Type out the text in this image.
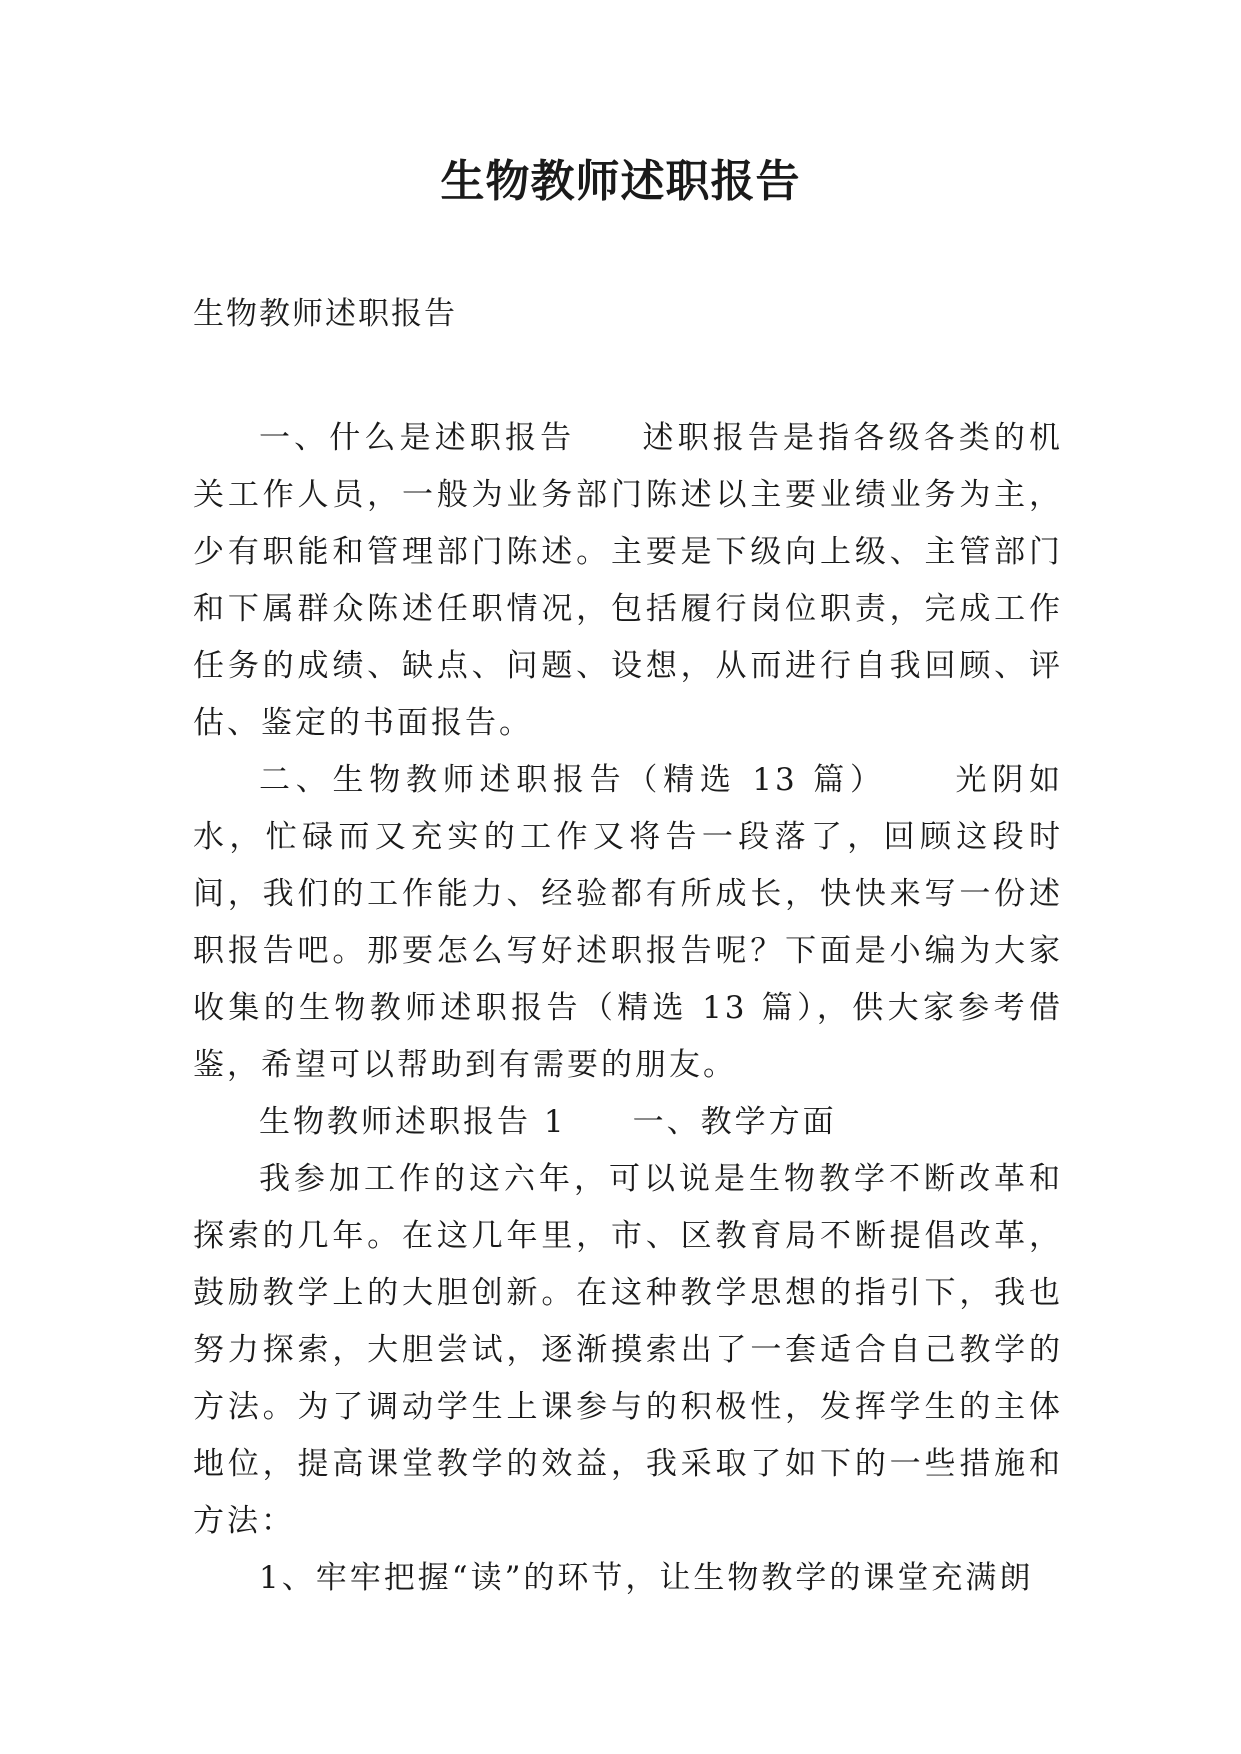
生物教师述职报告
生物教师述职报告

一、什么是述职报告 述职报告是指各级各类的机关工作人员，一般为业务部门陈述以主要业绩业务为主，少有职能和管理部门陈述。主要是下级向上级、主管部门和下属群众陈述任职情况，包括履行岗位职责，完成工作任务的成绩、缺点、问题、设想，从而进行自我回顾、评估、鉴定的书面报告。

二、生物教师述职报告（精选 13 篇） 光阴如水，忙碌而又充实的工作又将告一段落了，回顾这段时间，我们的工作能力、经验都有所成长，快快来写一份述职报告吧。那要怎么写好述职报告呢？下面是小编为大家收集的生物教师述职报告（精选 13 篇），供大家参考借鉴，希望可以帮助到有需要的朋友。

生物教师述职报告 1 一、教学方面

我参加工作的这六年，可以说是生物教学不断改革和探索的几年。在这几年里，市、区教育局不断提倡改革，鼓励教学上的大胆创新。在这种教学思想的指引下，我也努力探索，大胆尝试，逐渐摸索出了一套适合自己教学的方法。为了调动学生上课参与的积极性，发挥学生的主体地位，提高课堂教学的效益，我采取了如下的一些措施和方法：

1、牢牢把握“读”的环节，让生物教学的课堂充满朗
